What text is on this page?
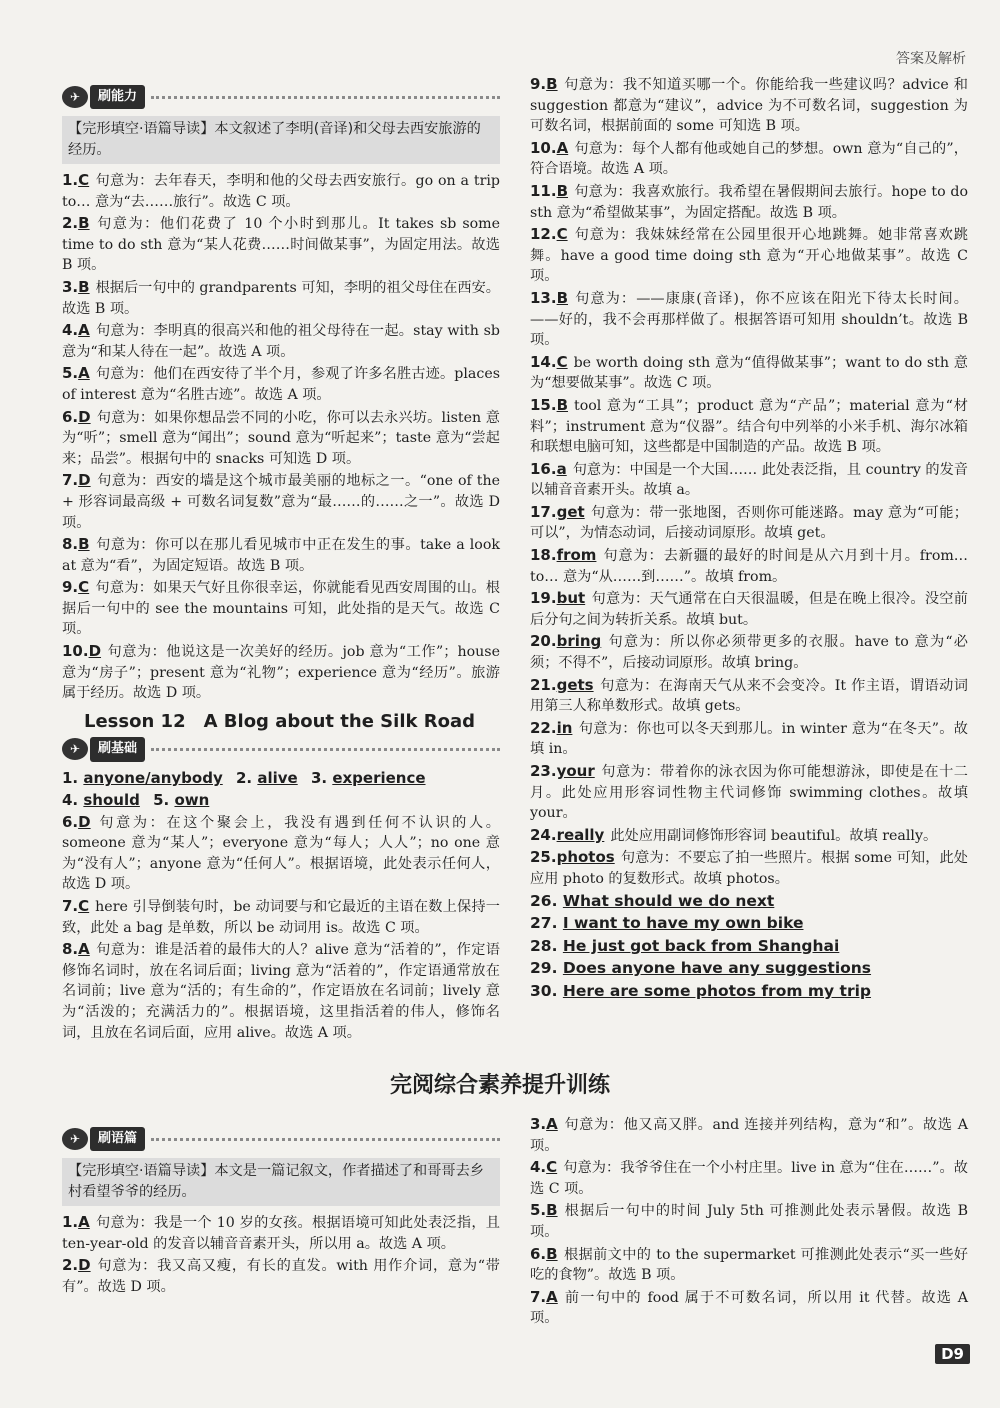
答案及解析
✈	刷能力
【完形填空·语篇导读】本文叙述了李明(音译)和父母去西安旅游的经历。
1.C 句意为：去年春天，李明和他的父母去西安旅行。go on a trip to… 意为“去……旅行”。故选 C 项。
2.B 句意为：他们花费了 10 个小时到那儿。It takes sb some time to do sth 意为“某人花费……时间做某事”，为固定用法。故选 B 项。
3.B 根据后一句中的 grandparents 可知，李明的祖父母住在西安。故选 B 项。
4.A 句意为：李明真的很高兴和他的祖父母待在一起。stay with sb 意为“和某人待在一起”。故选 A 项。
5.A 句意为：他们在西安待了半个月，参观了许多名胜古迹。places of interest 意为“名胜古迹”。故选 A 项。
6.D 句意为：如果你想品尝不同的小吃，你可以去永兴坊。listen 意为“听”；smell 意为“闻出”；sound 意为“听起来”；taste 意为“尝起来；品尝”。根据句中的 snacks 可知选 D 项。
7.D 句意为：西安的墙是这个城市最美丽的地标之一。“one of the + 形容词最高级 + 可数名词复数”意为“最……的……之一”。故选 D 项。
8.B 句意为：你可以在那儿看见城市中正在发生的事。take a look at 意为“看”，为固定短语。故选 B 项。
9.C 句意为：如果天气好且你很幸运，你就能看见西安周围的山。根据后一句中的 see the mountains 可知，此处指的是天气。故选 C 项。
10.D 句意为：他说这是一次美好的经历。job 意为“工作”；house 意为“房子”；present 意为“礼物”；experience 意为“经历”。旅游属于经历。故选 D 项。
Lesson 12　A Blog about the Silk Road
✈	刷基础
1. anyone/anybody 2. alive 3. experience
4. should 5. own
6.D 句意为：在这个聚会上，我没有遇到任何不认识的人。someone 意为“某人”；everyone 意为“每人；人人”；no one 意为“没有人”；anyone 意为“任何人”。根据语境，此处表示任何人，故选 D 项。
7.C here 引导倒装句时，be 动词要与和它最近的主语在数上保持一致，此处 a bag 是单数，所以 be 动词用 is。故选 C 项。
8.A 句意为：谁是活着的最伟大的人？alive 意为“活着的”，作定语修饰名词时，放在名词后面；living 意为“活着的”，作定语通常放在名词前；live 意为“活的；有生命的”，作定语放在名词前；lively 意为“活泼的；充满活力的”。根据语境，这里指活着的伟人，修饰名词，且放在名词后面，应用 alive。故选 A 项。
9.B 句意为：我不知道买哪一个。你能给我一些建议吗？advice 和 suggestion 都意为“建议”，advice 为不可数名词，suggestion 为可数名词，根据前面的 some 可知选 B 项。
10.A 句意为：每个人都有他或她自己的梦想。own 意为“自己的”，符合语境。故选 A 项。
11.B 句意为：我喜欢旅行。我希望在暑假期间去旅行。hope to do sth 意为“希望做某事”，为固定搭配。故选 B 项。
12.C 句意为：我妹妹经常在公园里很开心地跳舞。她非常喜欢跳舞。have a good time doing sth 意为“开心地做某事”。故选 C 项。
13.B 句意为：——康康(音译)，你不应该在阳光下待太长时间。——好的，我不会再那样做了。根据答语可知用 shouldn’t。故选 B 项。
14.C be worth doing sth 意为“值得做某事”；want to do sth 意为“想要做某事”。故选 C 项。
15.B tool 意为“工具”；product 意为“产品”；material 意为“材料”；instrument 意为“仪器”。结合句中列举的小米手机、海尔冰箱和联想电脑可知，这些都是中国制造的产品。故选 B 项。
16.a 句意为：中国是一个大国…… 此处表泛指，且 country 的发音以辅音音素开头。故填 a。
17.get 句意为：带一张地图，否则你可能迷路。may 意为“可能；可以”，为情态动词，后接动词原形。故填 get。
18.from 句意为：去新疆的最好的时间是从六月到十月。from… to… 意为“从……到……”。故填 from。
19.but 句意为：天气通常在白天很温暖，但是在晚上很冷。没空前后分句之间为转折关系。故填 but。
20.bring 句意为：所以你必须带更多的衣服。have to 意为“必须；不得不”，后接动词原形。故填 bring。
21.gets 句意为：在海南天气从来不会变冷。It 作主语，谓语动词用第三人称单数形式。故填 gets。
22.in 句意为：你也可以冬天到那儿。in winter 意为“在冬天”。故填 in。
23.your 句意为：带着你的泳衣因为你可能想游泳，即使是在十二月。此处应用形容词性物主代词修饰 swimming clothes。故填 your。
24.really 此处应用副词修饰形容词 beautiful。故填 really。
25.photos 句意为：不要忘了拍一些照片。根据 some 可知，此处应用 photo 的复数形式。故填 photos。
26. What should we do next
27. I want to have my own bike
28. He just got back from Shanghai
29. Does anyone have any suggestions
30. Here are some photos from my trip
完阅综合素养提升训练
✈	刷语篇
【完形填空·语篇导读】本文是一篇记叙文，作者描述了和哥哥去乡村看望爷爷的经历。
1.A 句意为：我是一个 10 岁的女孩。根据语境可知此处表泛指，且 ten-year-old 的发音以辅音音素开头，所以用 a。故选 A 项。
2.D 句意为：我又高又瘦，有长的直发。with 用作介词，意为“带有”。故选 D 项。
3.A 句意为：他又高又胖。and 连接并列结构，意为“和”。故选 A 项。
4.C 句意为：我爷爷住在一个小村庄里。live in 意为“住在……”。故选 C 项。
5.B 根据后一句中的时间 July 5th 可推测此处表示暑假。故选 B 项。
6.B 根据前文中的 to the supermarket 可推测此处表示“买一些好吃的食物”。故选 B 项。
7.A 前一句中的 food 属于不可数名词，所以用 it 代替。故选 A 项。
D9
